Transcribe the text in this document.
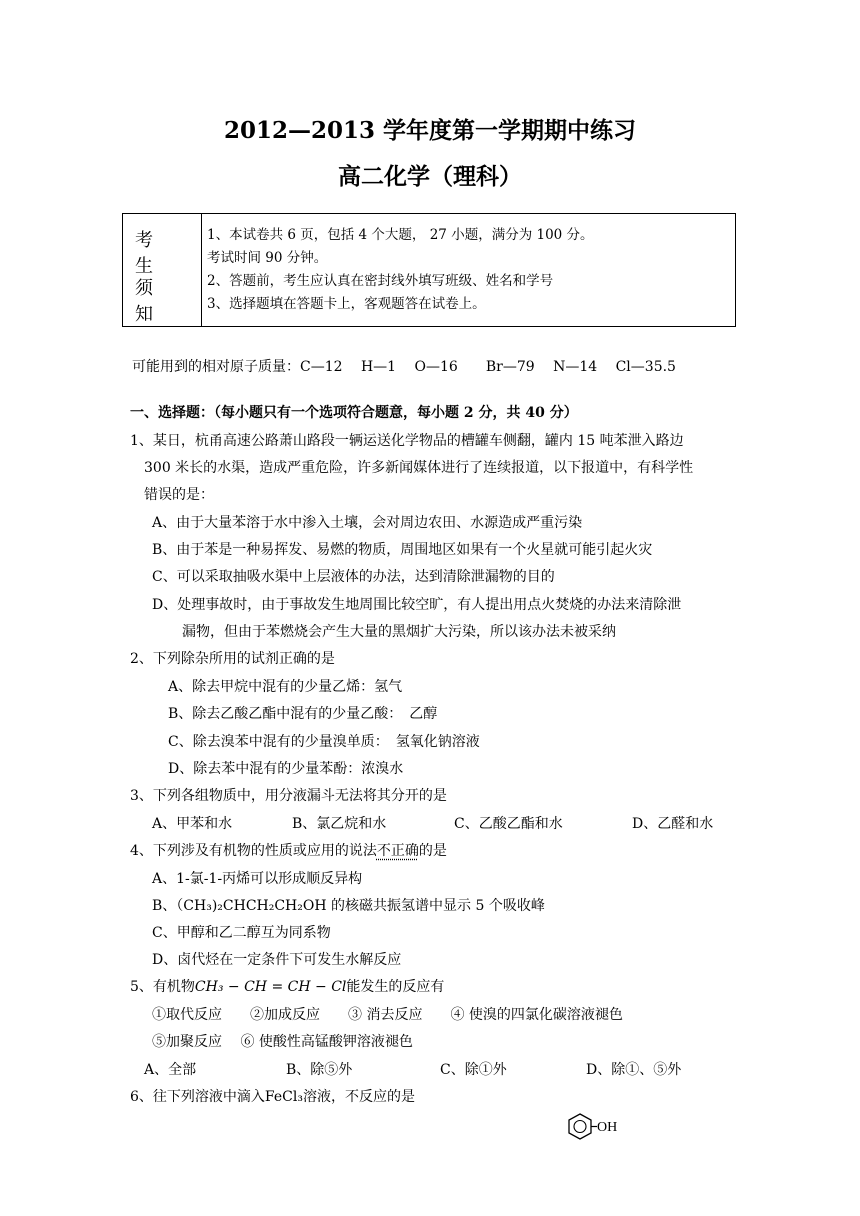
2012—2013 学年度第一学期期中练习
高二化学（理科）
考 生
须 知
1、本试卷共 6 页，包括 4 个大题， 27 小题，满分为 100 分。
考试时间 90 分钟。
2、答题前，考生应认真在密封线外填写班级、姓名和学号
3、选择题填在答题卡上，客观题答在试卷上。
可能用到的相对原子质量：C—12　 H—1　 O—16　　Br—79　 N—14　 Cl—35.5
一、选择题：（每小题只有一个选项符合题意，每小题 2 分，共 40 分）
1、某日，杭甬高速公路萧山路段一辆运送化学物品的槽罐车侧翻，罐内 15 吨苯泄入路边
300 米长的水渠，造成严重危险，许多新闻媒体进行了连续报道，以下报道中，有科学性
错误的是：
A、由于大量苯溶于水中渗入土壤，会对周边农田、水源造成严重污染
B、由于苯是一种易挥发、易燃的物质，周围地区如果有一个火星就可能引起火灾
C、可以采取抽吸水渠中上层液体的办法，达到清除泄漏物的目的
D、处理事故时，由于事故发生地周围比较空旷，有人提出用点火焚烧的办法来清除泄
漏物，但由于苯燃烧会产生大量的黑烟扩大污染，所以该办法未被采纳
2、下列除杂所用的试剂正确的是
A、除去甲烷中混有的少量乙烯：氢气
B、除去乙酸乙酯中混有的少量乙酸：　乙醇
C、除去溴苯中混有的少量溴单质：　氢氧化钠溶液
D、除去苯中混有的少量苯酚：浓溴水
3、下列各组物质中，用分液漏斗无法将其分开的是
A、甲苯和水	B、氯乙烷和水	C、乙酸乙酯和水	D、乙醛和水
4、下列涉及有机物的性质或应用的说法不正确的是
A、1-氯-1-丙烯可以形成顺反异构
B、（CH₃)₂CHCH₂CH₂OH 的核磁共振氢谱中显示 5 个吸收峰
C、甲醇和乙二醇互为同系物
D、卤代烃在一定条件下可发生水解反应
5、有机物CH₃ − CH = CH − Cl能发生的反应有
①取代反应　　②加成反应　　③ 消去反应　　④ 使溴的四氯化碳溶液褪色
⑤加聚反应　 ⑥ 使酸性高锰酸钾溶液褪色
A、全部	B、除⑤外	C、除①外	D、除①、⑤外
6、往下列溶液中滴入FeCl₃溶液，不反应的是
OH
